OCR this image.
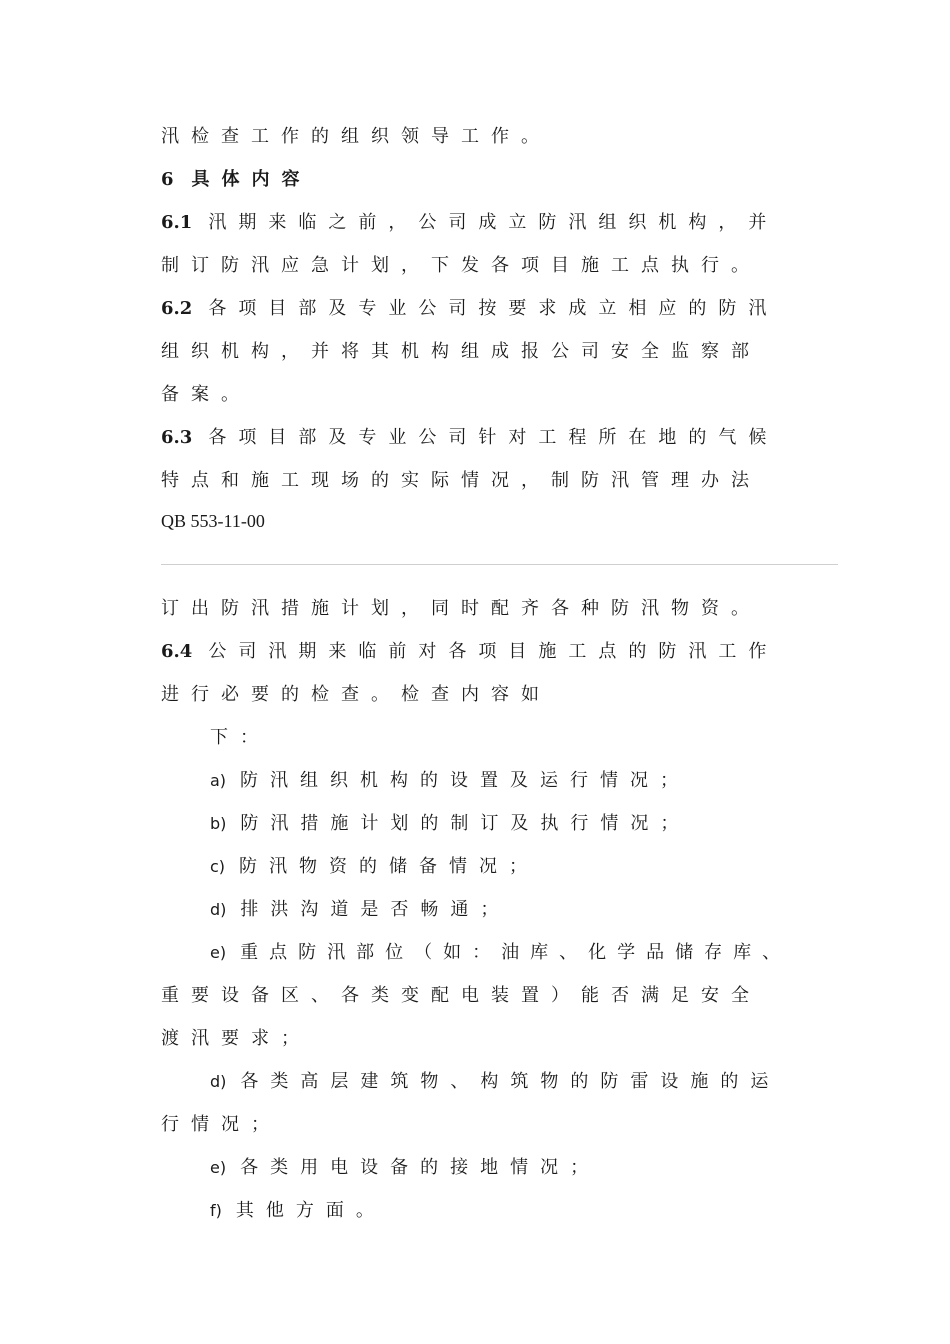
汛检查工作的组织领导工作。
6 具体内容
6.1 汛期来临之前，公司成立防汛组织机构，并
制订防汛应急计划，下发各项目施工点执行。
6.2 各项目部及专业公司按要求成立相应的防汛
组织机构，并将其机构组成报公司安全监察部
备案。
6.3 各项目部及专业公司针对工程所在地的气候
特点和施工现场的实际情况，制防汛管理办法
QB 553-11-00
订出防汛措施计划，同时配齐各种防汛物资。
6.4 公司汛期来临前对各项目施工点的防汛工作
进行必要的检查。检查内容如
下：
a) 防汛组织机构的设置及运行情况；
b) 防汛措施计划的制订及执行情况；
c) 防汛物资的储备情况；
d) 排洪沟道是否畅通；
e) 重点防汛部位（如：油库、化学品储存库、
重要设备区、各类变配电装置）能否满足安全
渡汛要求；
d) 各类高层建筑物、构筑物的防雷设施的运
行情况；
e) 各类用电设备的接地情况；
f) 其他方面。
